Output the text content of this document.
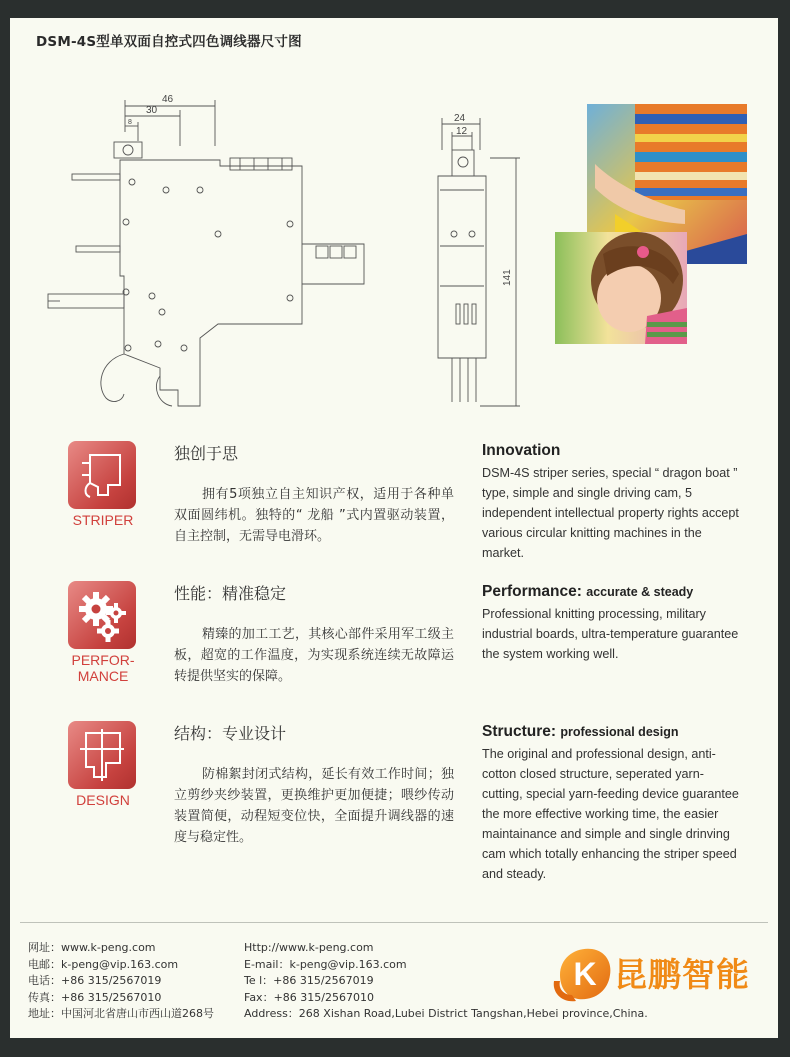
DSM-4S型单双面自控式四色调线器尺寸图
46
30
8	24
12
141
STRIPER
独创于思
拥有5项独立自主知识产权，适用于各种单双面圆纬机。独特的“ 龙船 ”式内置驱动装置，自主控制，无需导电滑环。
Innovation
DSM-4S striper series, special “ dragon boat ” type, simple and single driving cam, 5 independent intellectual property rights accept various circular knitting machines in the market.
PERFOR-
MANCE
性能：精准稳定
精臻的加工工艺，其核心部件采用军工级主板，超宽的工作温度，为实现系统连续无故障运转提供坚实的保障。
Performance: accurate & steady
Professional knitting processing, military industrial boards, ultra-temperature guarantee the system working well.
DESIGN
结构：专业设计
防棉絮封闭式结构，延长有效工作时间；独立剪纱夹纱装置，更换维护更加便捷；喂纱传动装置简便，动程短变位快，全面提升调线器的速度与稳定性。
Structure: professional design
The original and professional design, anti-cotton closed structure, seperated yarn-cutting, special yarn-feeding device guarantee the more effective working time, the easier maintainance and simple and single drinving cam which totally enhancing the striper speed and steady.
网址：www.k-peng.com
电邮：k-peng@vip.163.com
电话：+86 315/2567019
传真：+86 315/2567010
地址：中国河北省唐山市西山道268号
Http://www.k-peng.com
E-mail：k-peng@vip.163.com
Te l：+86 315/2567019
Fax：+86 315/2567010
Address：268 Xishan Road,Lubei District Tangshan,Hebei province,China.
K 昆鹏智能
